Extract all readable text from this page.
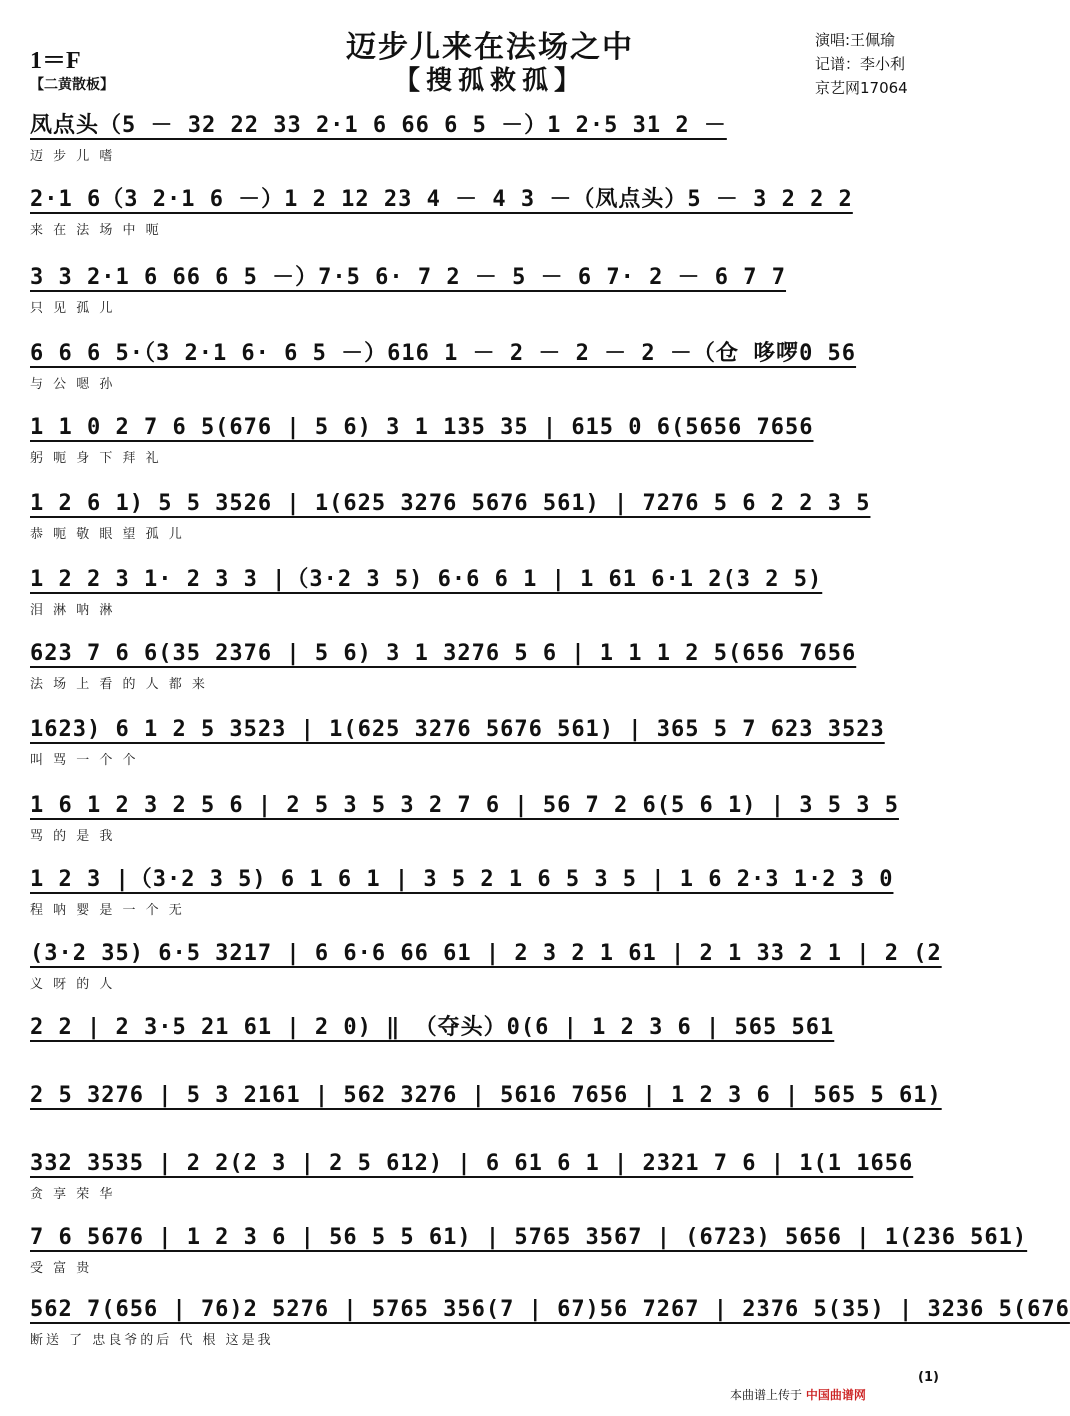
1＝F
【二黄散板】
迈步儿来在法场之中
【搜孤救孤】
演唱:王佩瑜
记谱：李小利
京艺网17064
凤点头（5 － 32 22 33 2·1 6 66 6 5 －）1 2·5 31 2 －
迈 步 儿 嗜
2·1 6（3 2·1 6 －）1 2 12 23 4 － 4 3 －（凤点头）5 － 3 2 2 2
来 在 法 场 中 呃
3 3 2·1 6 66 6 5 －）7·5 6· 7 2 － 5 － 6 7· 2 － 6 7 7
只 见 孤 儿
6 6 6 5·（3 2·1 6· 6 5 －）616 1 － 2 － 2 － 2 －（仓 哆啰0 56
与 公 嗯 孙
1 1 0 2 7 6 5(676 | 5 6) 3 1 135 35 | 615 0 6(5656 7656
躬 呃 身 下 拜 礼
1 2 6 1) 5 5 3526 | 1(625 3276 5676 561) | 7276 5 6 2 2 3 5
恭 呃 敬 眼 望 孤 儿
1 2 2 3 1· 2 3 3 |（3·2 3 5) 6·6 6 1 | 1 61 6·1 2(3 2 5)
泪 淋 呐 淋
623 7 6 6(35 2376 | 5 6) 3 1 3276 5 6 | 1 1 1 2 5(656 7656
法 场 上 看 的 人 都 来
1623) 6 1 2 5 3523 | 1(625 3276 5676 561) | 365 5 7 623 3523
叫 骂 一 个 个
1 6 1 2 3 2 5 6 | 2 5 3 5 3 2 7 6 | 56 7 2 6(5 6 1) | 3 5 3 5
骂 的 是 我
1 2 3 |（3·2 3 5) 6 1 6 1 | 3 5 2 1 6 5 3 5 | 1 6 2·3 1·2 3 0
程 呐 婴 是 一 个 无
(3·2 35) 6·5 3217 | 6 6·6 66 61 | 2 3 2 1 61 | 2 1 33 2 1 | 2 (2
义 呀 的 人
2 2 | 2 3·5 21 61 | 2 0) ‖ （夺头）0(6 | 1 2 3 6 | 565 561
2 5 3276 | 5 3 2161 | 562 3276 | 5616 7656 | 1 2 3 6 | 565 5 61)
332 3535 | 2 2(2 3 | 2 5 612) | 6 61 6 1 | 2321 7 6 | 1(1 1656
贪 享 荣 华
7 6 5676 | 1 2 3 6 | 56 5 5 61) | 5765 3567 | (6723) 5656 | 1(236 561)
受 富 贵
562 7(656 | 76)2 5276 | 5765 356(7 | 67)56 7267 | 2376 5(35) | 3236 5(676
断送 了 忠良爷的后 代 根 这是我
(1)
本曲谱上传于 中国曲谱网
